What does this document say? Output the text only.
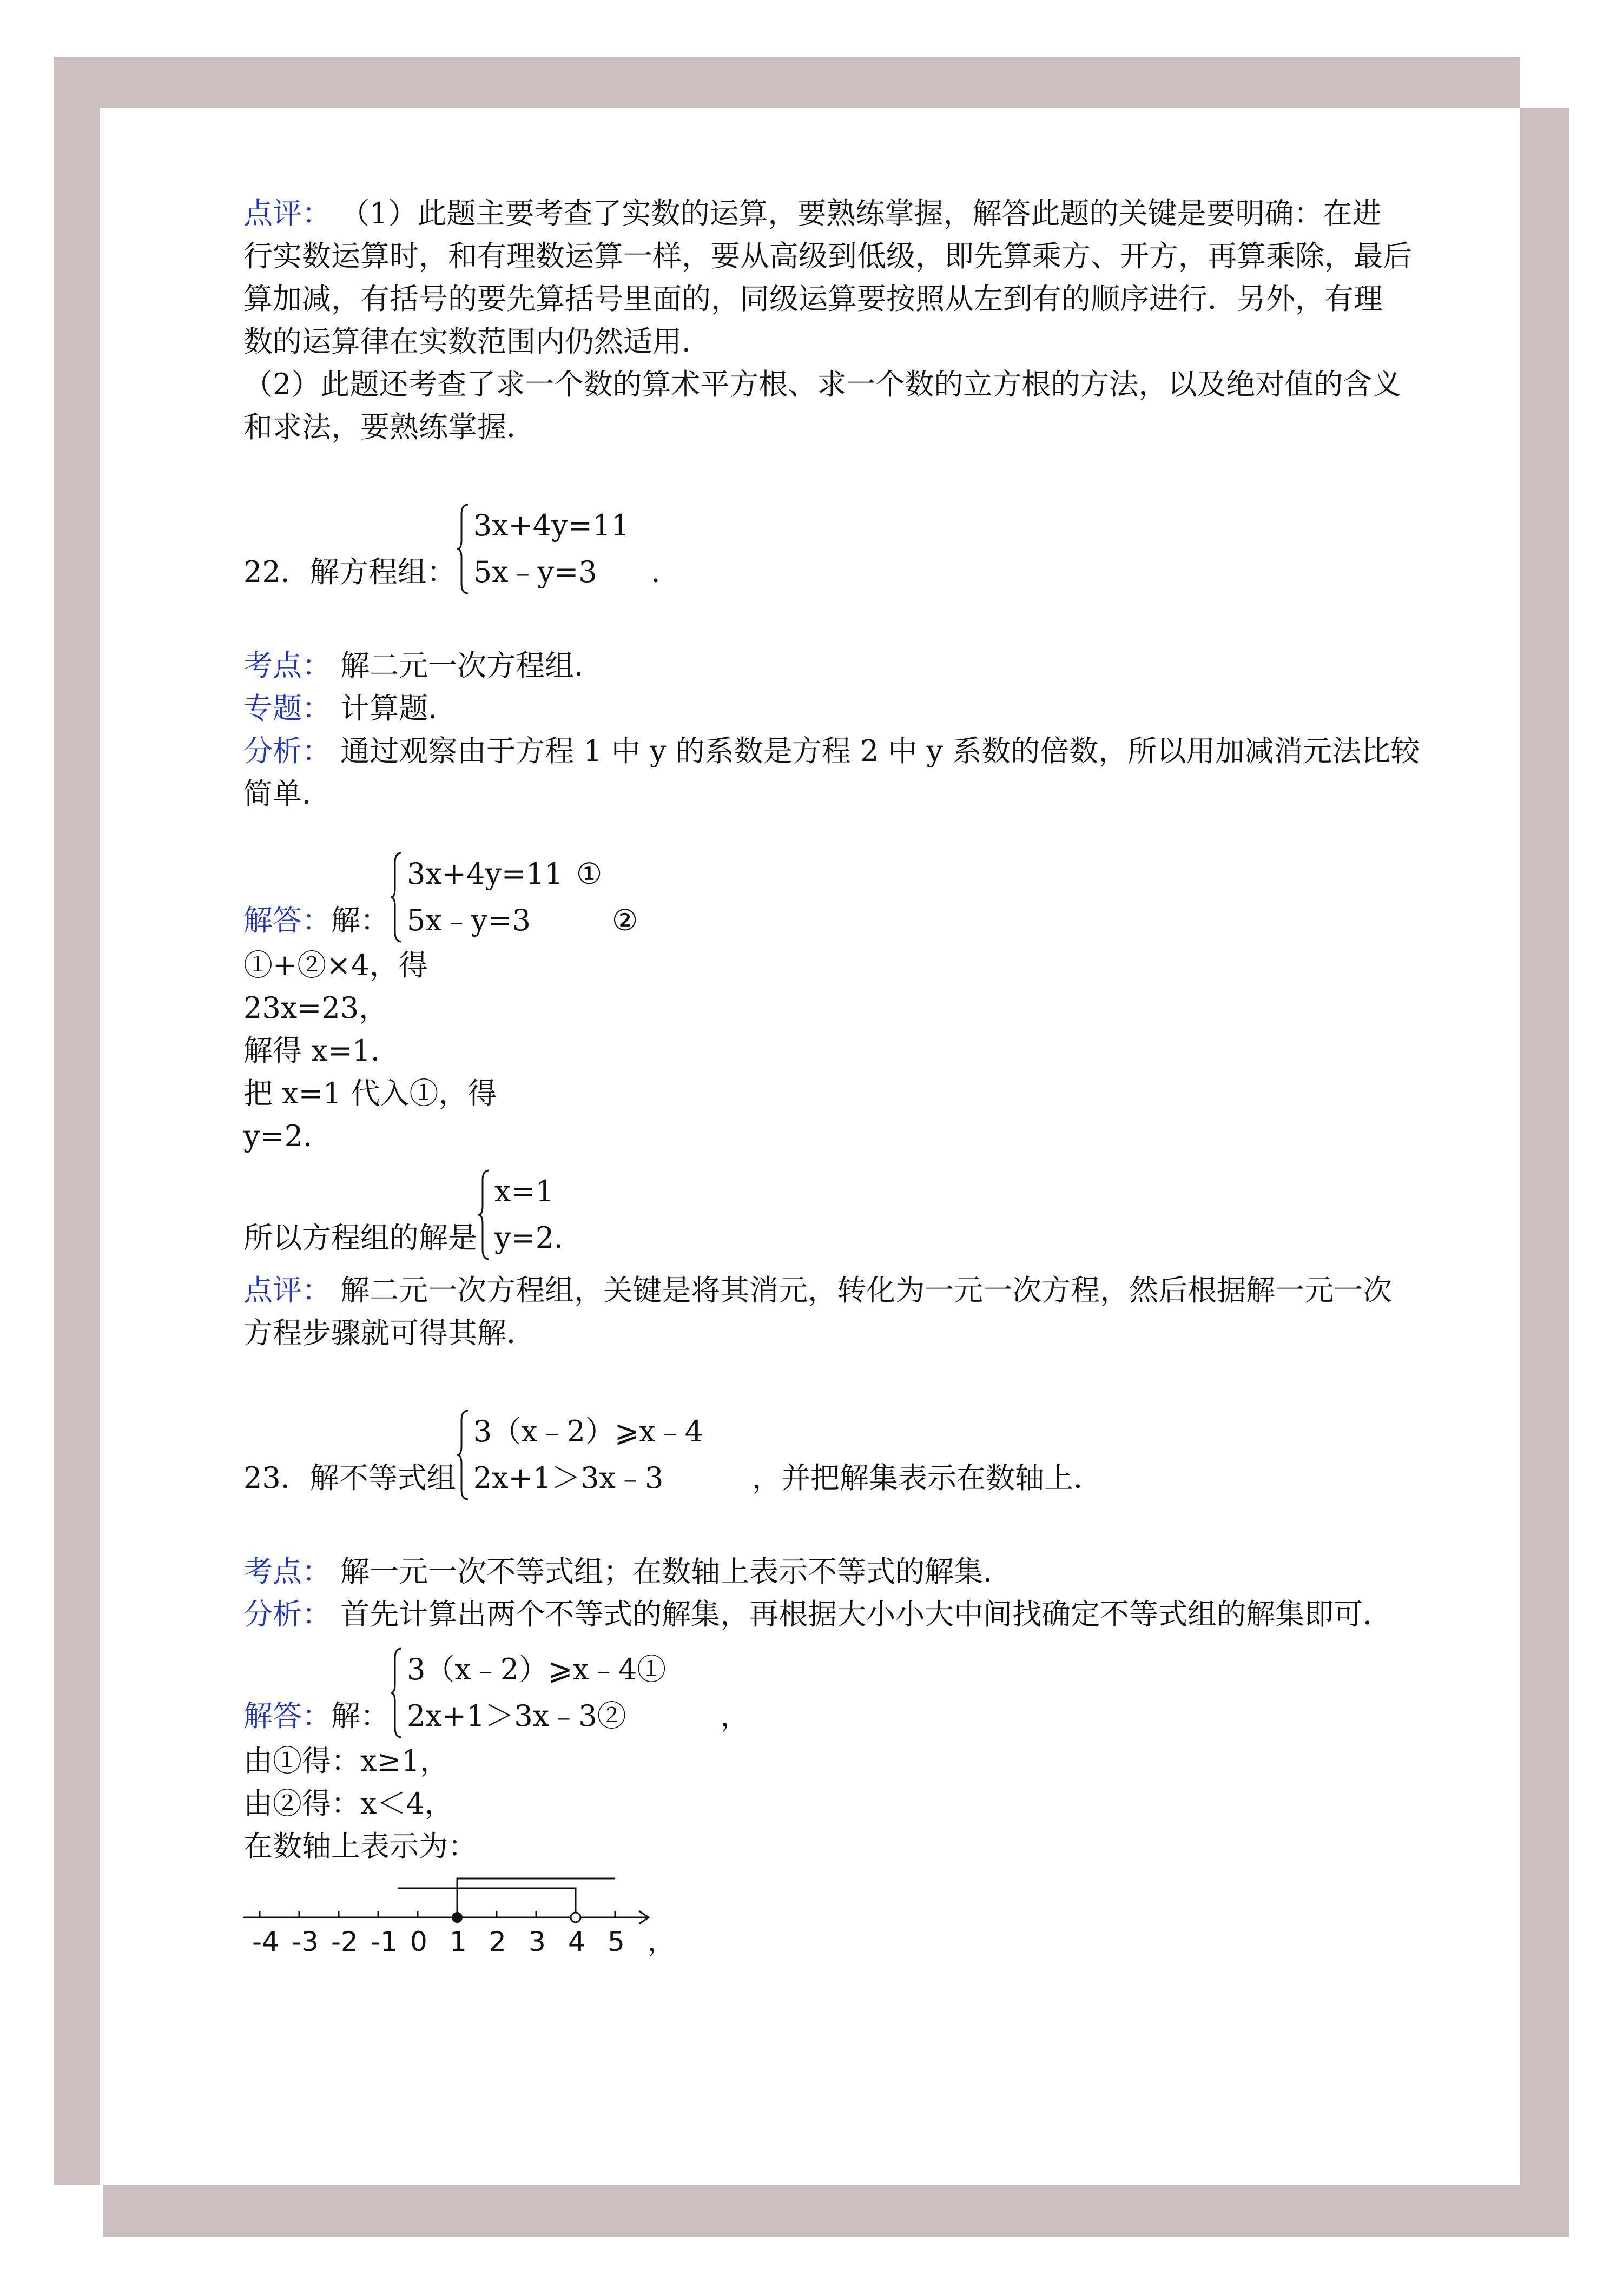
点评： （1）此题主要考查了实数的运算，要熟练掌握，解答此题的关键是要明确：在进
行实数运算时，和有理数运算一样，要从高级到低级，即先算乘方、开方，再算乘除，最后
算加减，有括号的要先算括号里面的，同级运算要按照从左到有的顺序进行．另外，有理
数的运算律在实数范围内仍然适用．
（2）此题还考查了求一个数的算术平方根、求一个数的立方根的方法，以及绝对值的含义
和求法，要熟练掌握．
22．解方程组：
3x+4y=11
5x﹣y=3	．
考点： 解二元一次方程组．
专题： 计算题．
分析： 通过观察由于方程 1 中 y 的系数是方程 2 中 y 系数的倍数，所以用加减消元法比较
简单．
解答： 解：
3x+4y=11 ①
5x﹣y=3	②
①+②×4，得
23x=23，
解得 x=1．
把 x=1 代入①，得
y=2．
所以方程组的解是
x=1
y=2．
点评： 解二元一次方程组，关键是将其消元，转化为一元一次方程，然后根据解一元一次
方程步骤就可得其解．
23．解不等式组
3（x﹣2）⩾x﹣4
2x+1＞3x﹣3	，并把解集表示在数轴上．
考点： 解一元一次不等式组；在数轴上表示不等式的解集．
分析： 首先计算出两个不等式的解集，再根据大小小大中间找确定不等式组的解集即可．
解答： 解：
3（x﹣2）⩾x﹣4①
2x+1＞3x﹣3②	，
由①得：x≥1，
由②得：x＜4，
在数轴上表示为：
-4 -3 -2 -1 0 1 2 3 4 5 ，
